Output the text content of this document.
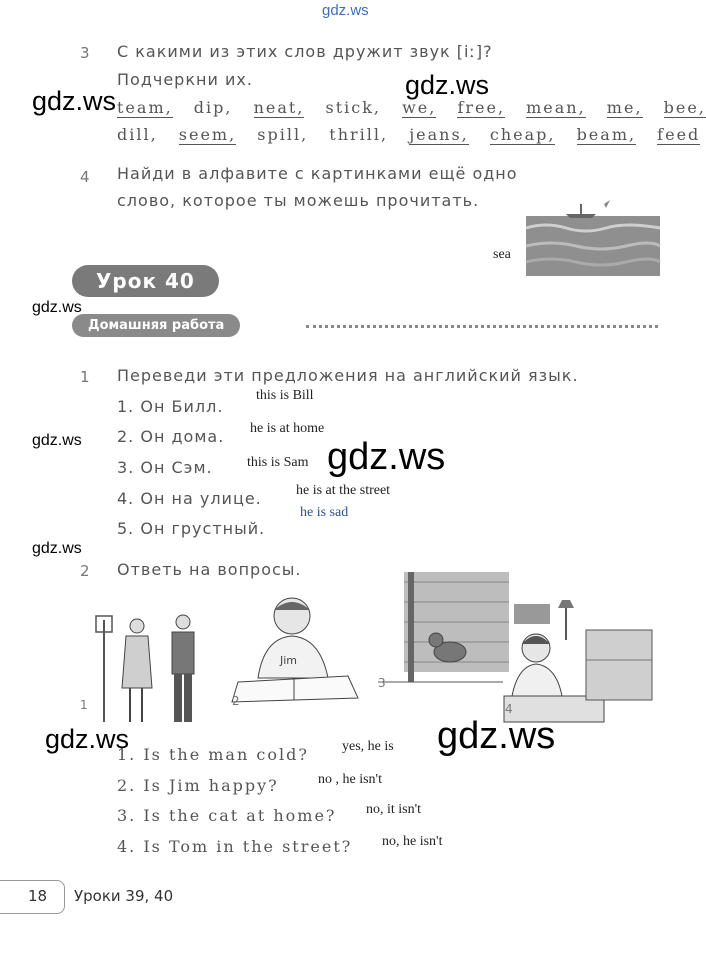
gdz.ws
3 С какими из этих слов дружит звук [iː]?
Подчеркни их.
team, dip, neat, stick, we, free, mean, me, bee,
dill, seem, spill, thrill, jeans, cheap, beam, feed
4 Найди в алфавите с картинками ещё одно
слово, которое ты можешь прочитать.
sea
Урок 40
Домашняя работа
1 Переведи эти предложения на английский язык.
1. Он Билл.
this is Bill
2. Он дома. he is at home
3. Он Сэм. this is Sam
4. Он на улице. he is at the street
5. Он грустный.
he is sad
2 Ответь на вопросы.
1
Jim
2
3
4
1. Is the man cold? yes, he is
2. Is Jim happy?	no , he isn't
3. Is the cat at home? no, it isn't
4. Is Tom in the street? no, he isn't
18 Уроки 39, 40
gdz.ws
gdz.ws
gdz.ws
gdz.ws	gdz.ws
gdz.ws
gdz.ws	gdz.ws
